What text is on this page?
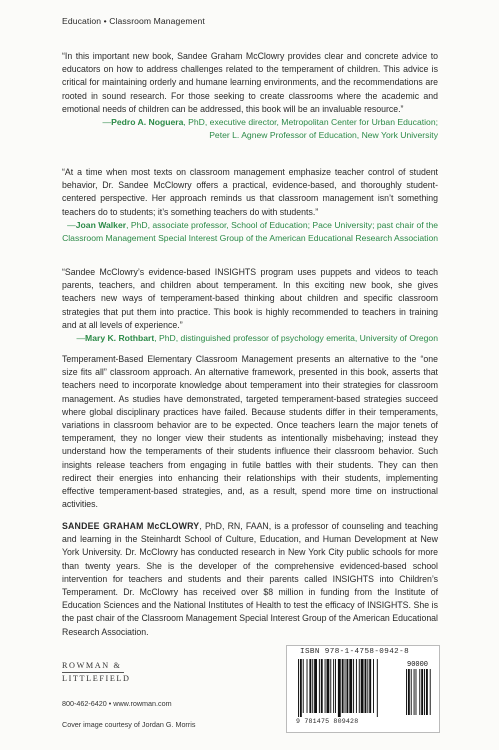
Education • Classroom Management

“In this important new book, Sandee Graham McClowry provides clear and concrete advice to educators on how to address challenges related to the temperament of children. This advice is critical for maintaining orderly and humane learning environments, and the recommendations are rooted in sound research. For those seeking to create classrooms where the academic and emotional needs of children can be addressed, this book will be an invaluable resource.”

—Pedro A. Noguera, PhD, executive director, Metropolitan Center for Urban Education;
Peter L. Agnew Professor of Education, New York University

“At a time when most texts on classroom management emphasize teacher control of student behavior, Dr. Sandee McClowry offers a practical, evidence-based, and thoroughly student-centered perspective. Her approach reminds us that classroom management isn’t something teachers do to students; it’s something teachers do with students.”

—Joan Walker, PhD, associate professor, School of Education; Pace University; past chair of the
Classroom Management Special Interest Group of the American Educational Research Association

“Sandee McClowry’s evidence-based INSIGHTS program uses puppets and videos to teach parents, teachers, and children about temperament. In this exciting new book, she gives teachers new ways of temperament-based thinking about children and specific classroom strategies that put them into practice. This book is highly recommended to teachers in training and at all levels of experience.”

—Mary K. Rothbart, PhD, distinguished professor of psychology emerita, University of Oregon

Temperament-Based Elementary Classroom Management presents an alternative to the “one size fits all” classroom approach. An alternative framework, presented in this book, asserts that teachers need to incorporate knowledge about temperament into their strategies for classroom management. As studies have demonstrated, targeted temperament-based strategies succeed where global disciplinary practices have failed. Because students differ in their temperaments, variations in classroom behavior are to be expected. Once teachers learn the major tenets of temperament, they no longer view their students as intentionally misbehaving; instead they understand how the temperaments of their students influence their classroom behavior. Such insights release teachers from engaging in futile battles with their students. They can then redirect their energies into enhancing their relationships with their students, implementing effective temperament-based strategies, and, as a result, spend more time on instructional activities.

SANDEE GRAHAM McCLOWRY, PhD, RN, FAAN, is a professor of counseling and teaching and learning in the Steinhardt School of Culture, Education, and Human Development at New York University. Dr. McClowry has conducted research in New York City public schools for more than twenty years. She is the developer of the comprehensive evidenced-based school intervention for teachers and students and their parents called INSIGHTS into Children’s Temperament. Dr. McClowry has received over $8 million in funding from the Institute of Education Sciences and the National Institutes of Health to test the efficacy of INSIGHTS. She is the past chair of the Classroom Management Special Interest Group of the American Educational Research Association.

ROWMAN &
LITTLEFIELD
800-462-6420 • www.rowman.com
Cover image courtesy of Jordan G. Morris
ISBN 978-1-4758-0942-8
90000
9 781475 809428
